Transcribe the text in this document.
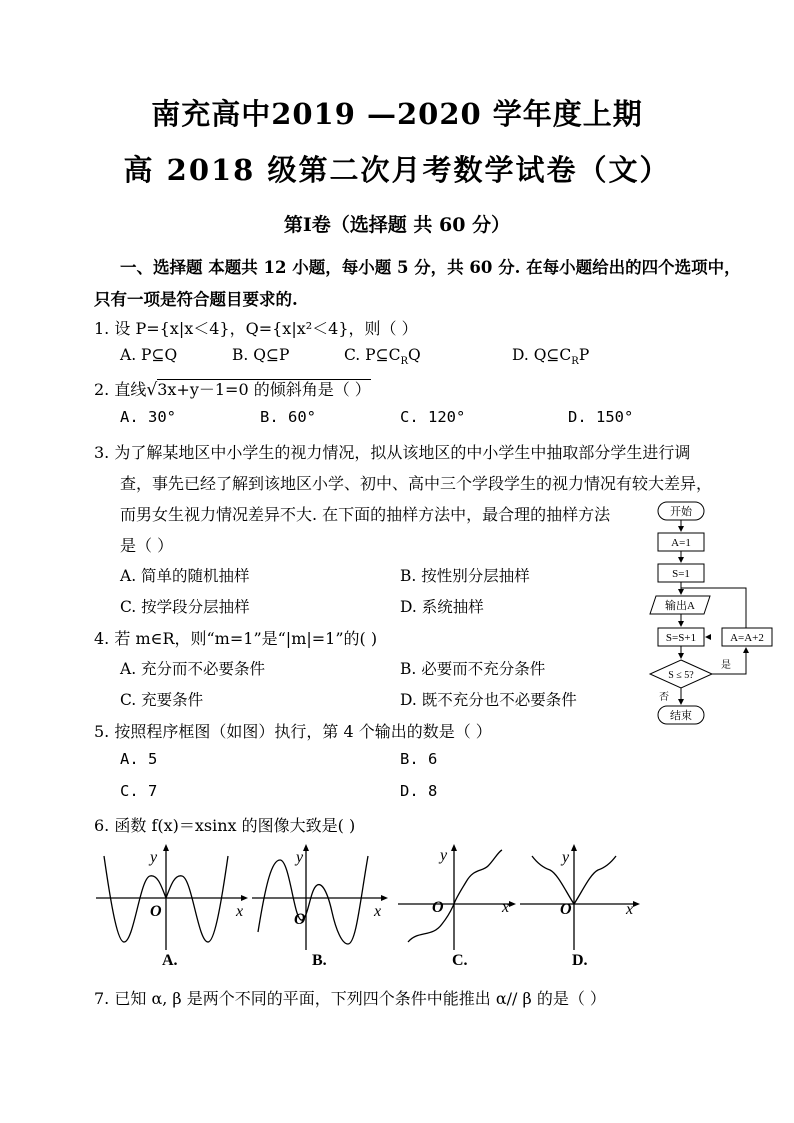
南充高中2019 —2020 学年度上期
高 2018 级第二次月考数学试卷（文）
第Ⅰ卷（选择题 共 60 分）
一、选择题 本题共 12 小题，每小题 5 分，共 60 分. 在每小题给出的四个选项中，
只有一项是符合题目要求的.
1. 设 P={x|x＜4}，Q={x|x²＜4}，则（ ）
A. P⊆Q	B. Q⊆P	C. $P⊆C_RQ$	D. $Q⊆C_RP$
2. 直线√3x+y－1=0 的倾斜角是（ ）
A. 30°	B. 60°	C. 120°	D. 150°
3. 为了解某地区中小学生的视力情况，拟从该地区的中小学生中抽取部分学生进行调
查，事先已经了解到该地区小学、初中、高中三个学段学生的视力情况有较大差异，
而男女生视力情况差异不大. 在下面的抽样方法中，最合理的抽样方法
是（ ）
A. 简单的随机抽样	B. 按性别分层抽样
C. 按学段分层抽样	D. 系统抽样
4. 若 m∈R，则“m=1”是“|m|=1”的( )
A. 充分而不必要条件	B. 必要而不充分条件
C. 充要条件	D. 既不充分也不必要条件
5. 按照程序框图（如图）执行，第 4 个输出的数是（ ）
A. 5	B. 6
C. 7	D. 8
开始
A=1
S=1
输出A
S=S+1	A=A+2
S ≤ 5?
是
否
结束
6. 函数 f(x)＝xsinx 的图像大致是( )
y
x
O
A.
y
x
O
B.
y
x
O
C.
y
x
O
D.
7. 已知 α, β 是两个不同的平面，下列四个条件中能推出 α// β 的是（ ）
